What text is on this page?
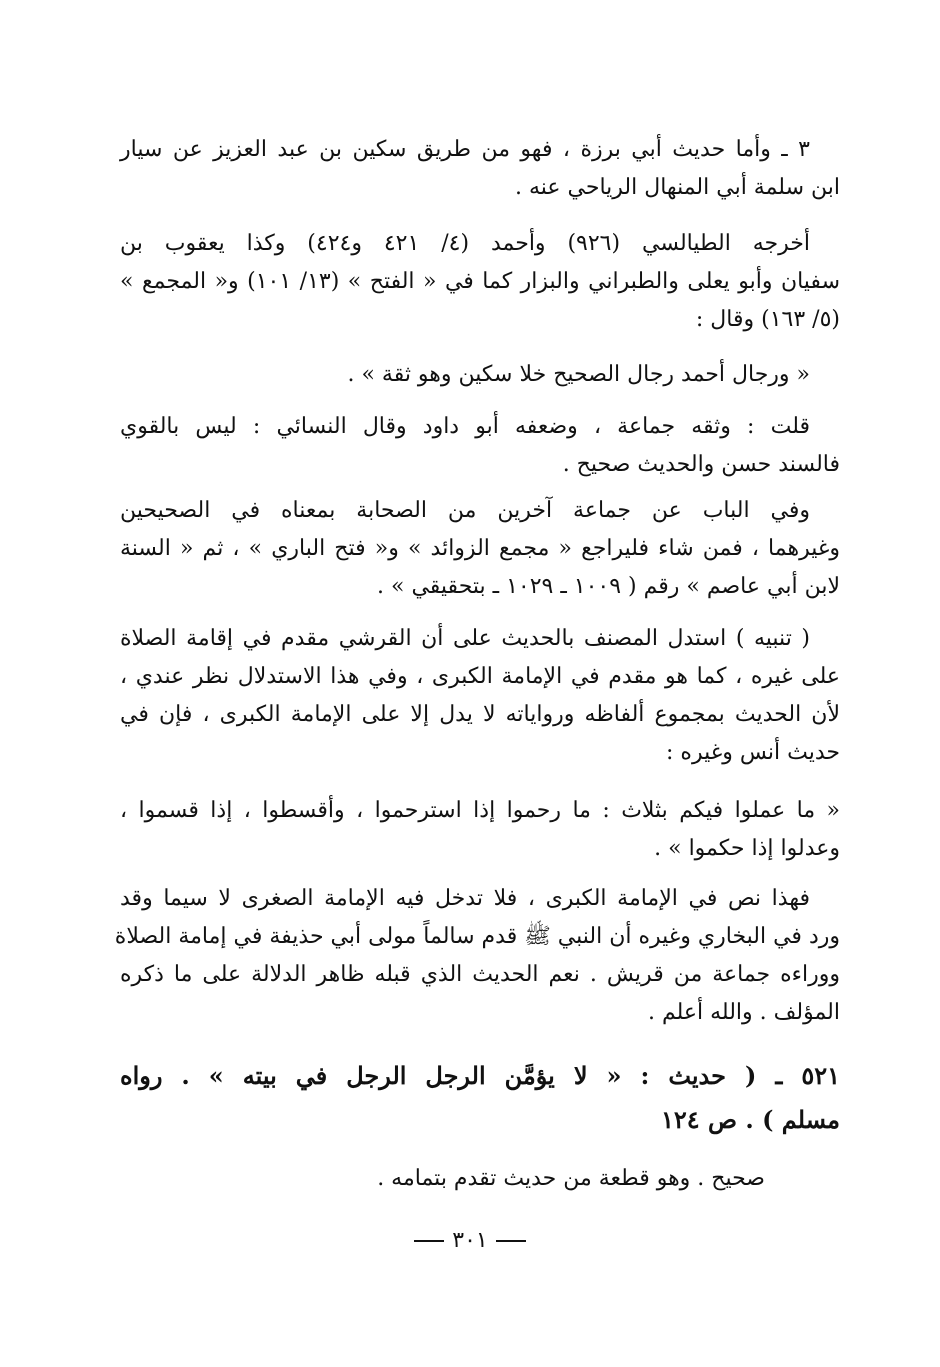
٣ ـ وأما حديث أبي برزة ، فهو من طريق سكين بن عبد العزيز عن سيار
ابن سلمة أبي المنهال الرياحي عنه .
أخرجه الطيالسي (٩٢٦) وأحمد (٤/ ٤٢١ و٤٢٤) وكذا يعقوب بن
سفيان وأبو يعلى والطبراني والبزار كما في « الفتح » (١٣/ ١٠١) و« المجمع »
(٥/ ١٦٣) وقال :
« ورجال أحمد رجال الصحيح خلا سكين وهو ثقة » .
قلت : وثقه جماعة ، وضعفه أبو داود وقال النسائي : ليس بالقوي
فالسند حسن والحديث صحيح .
وفي الباب عن جماعة آخرين من الصحابة بمعناه في الصحيحين
وغيرهما ، فمن شاء فليراجع « مجمع الزوائد » و« فتح الباري » ، ثم « السنة
لابن أبي عاصم » رقم ( ١٠٠٩ ـ ١٠٢٩ ـ بتحقيقي » .
( تنبيه ) استدل المصنف بالحديث على أن القرشي مقدم في إقامة الصلاة
على غيره ، كما هو مقدم في الإمامة الكبرى ، وفي هذا الاستدلال نظر عندي ،
لأن الحديث بمجموع ألفاظه ورواياته لا يدل إلا على الإمامة الكبرى ، فإن في
حديث أنس وغيره :
« ما عملوا فيكم بثلاث : ما رحموا إذا استرحموا ، وأقسطوا ، إذا قسموا ،
وعدلوا إذا حكموا » .
فهذا نص في الإمامة الكبرى ، فلا تدخل فيه الإمامة الصغرى لا سيما وقد
ورد في البخاري وغيره أن النبي ﷺ قدم سالماً مولى أبي حذيفة في إمامة الصلاة
ووراءه جماعة من قريش . نعم الحديث الذي قبله ظاهر الدلالة على ما ذكره
المؤلف . والله أعلم .
٥٢١ ـ ( حديث : « لا يؤمَّن الرجل الرجل في بيته » . رواه
مسلم ) . ص ١٢٤
صحيح . وهو قطعة من حديث تقدم بتمامه .
٣٠١
